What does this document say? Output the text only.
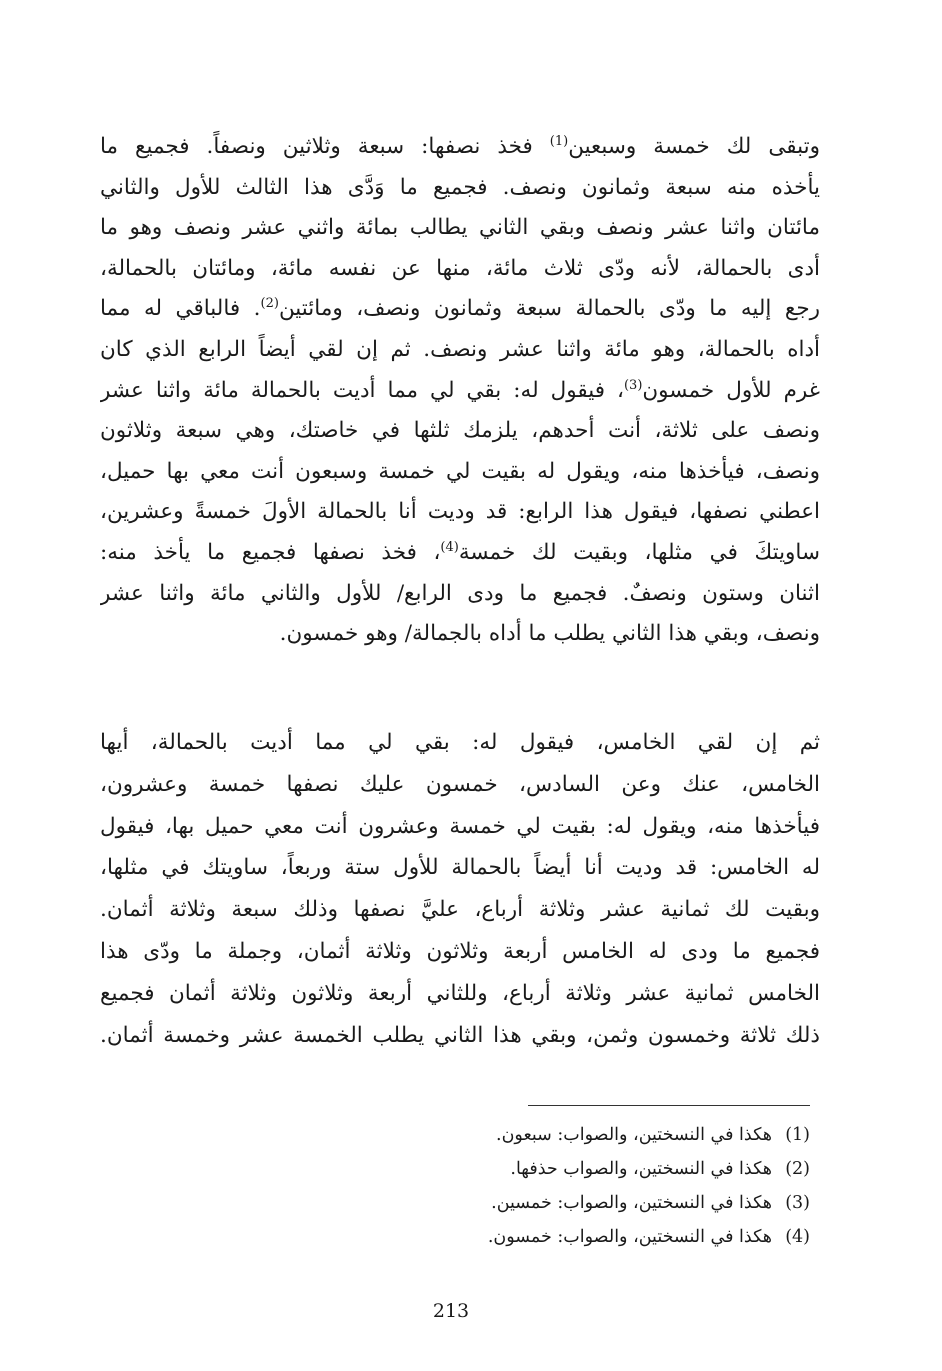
وتبقى لك خمسة وسبعين$^{(1)}$ فخذ نصفها: سبعة وثلاثين ونصفاً. فجميع ما
يأخذه منه سبعة وثمانون ونصف. فجميع ما وَدَّى هذا الثالث للأول والثاني
مائتان واثنا عشر ونصف وبقي الثاني يطالب بمائة واثني عشر ونصف وهو ما
أدى بالحمالة، لأنه ودّى ثلاث مائة، منها عن نفسه مائة، ومائتان بالحمالة،
رجع إليه ما ودّى بالحمالة سبعة وثمانون ونصف، ومائتين$^{(2)}$. فالباقي له مما
أداه بالحمالة، وهو مائة واثنا عشر ونصف. ثم إن لقي أيضاً الرابع الذي كان
غرم للأول خمسون$^{(3)}$، فيقول له: بقي لي مما أديت بالحمالة مائة واثنا عشر
ونصف على ثلاثة، أنت أحدهم، يلزمك ثلثها في خاصتك، وهي سبعة وثلاثون
ونصف، فيأخذها منه، ويقول له بقيت لي خمسة وسبعون أنت معي بها حميل،
اعطني نصفها، فيقول هذا الرابع: قد وديت أنا بالحمالة الأولَ خمسةً وعشرين،
ساويتكَ في مثلها، وبقيت لك خمسة$^{(4)}$، فخذ نصفها فجميع ما يأخذ منه:
اثنان وستون ونصفٌ. فجميع ما ودى الرابع/ للأول والثاني مائة واثنا عشر
ونصف، وبقي هذا الثاني يطلب ما أداه بالجمالة/ وهو خمسون.
ثم إن لقي الخامس، فيقول له: بقي لي مما أديت بالحمالة، أيها
الخامس، عنك وعن السادس، خمسون عليك نصفها خمسة وعشرون،
فيأخذها منه، ويقول له: بقيت لي خمسة وعشرون أنت معي حميل بها، فيقول
له الخامس: قد وديت أنا أيضاً بالحمالة للأول ستة وربعاً، ساويتك في مثلها،
وبقيت لك ثمانية عشر وثلاثة أرباع، عليَّ نصفها وذلك سبعة وثلاثة أثمان.
فجميع ما ودى له الخامس أربعة وثلاثون وثلاثة أثمان، وجملة ما ودّى هذا
الخامس ثمانية عشر وثلاثة أرباع، وللثاني أربعة وثلاثون وثلاثة أثمان فجميع
ذلك ثلاثة وخمسون وثمن، وبقي هذا الثاني يطلب الخمسة عشر وخمسة أثمان.
(1)هكذا في النسختين، والصواب: سبعون.
(2)هكذا في النسختين، والصواب حذفها.
(3)هكذا في النسختين، والصواب: خمسين.
(4)هكذا في النسختين، والصواب: خمسون.
213
